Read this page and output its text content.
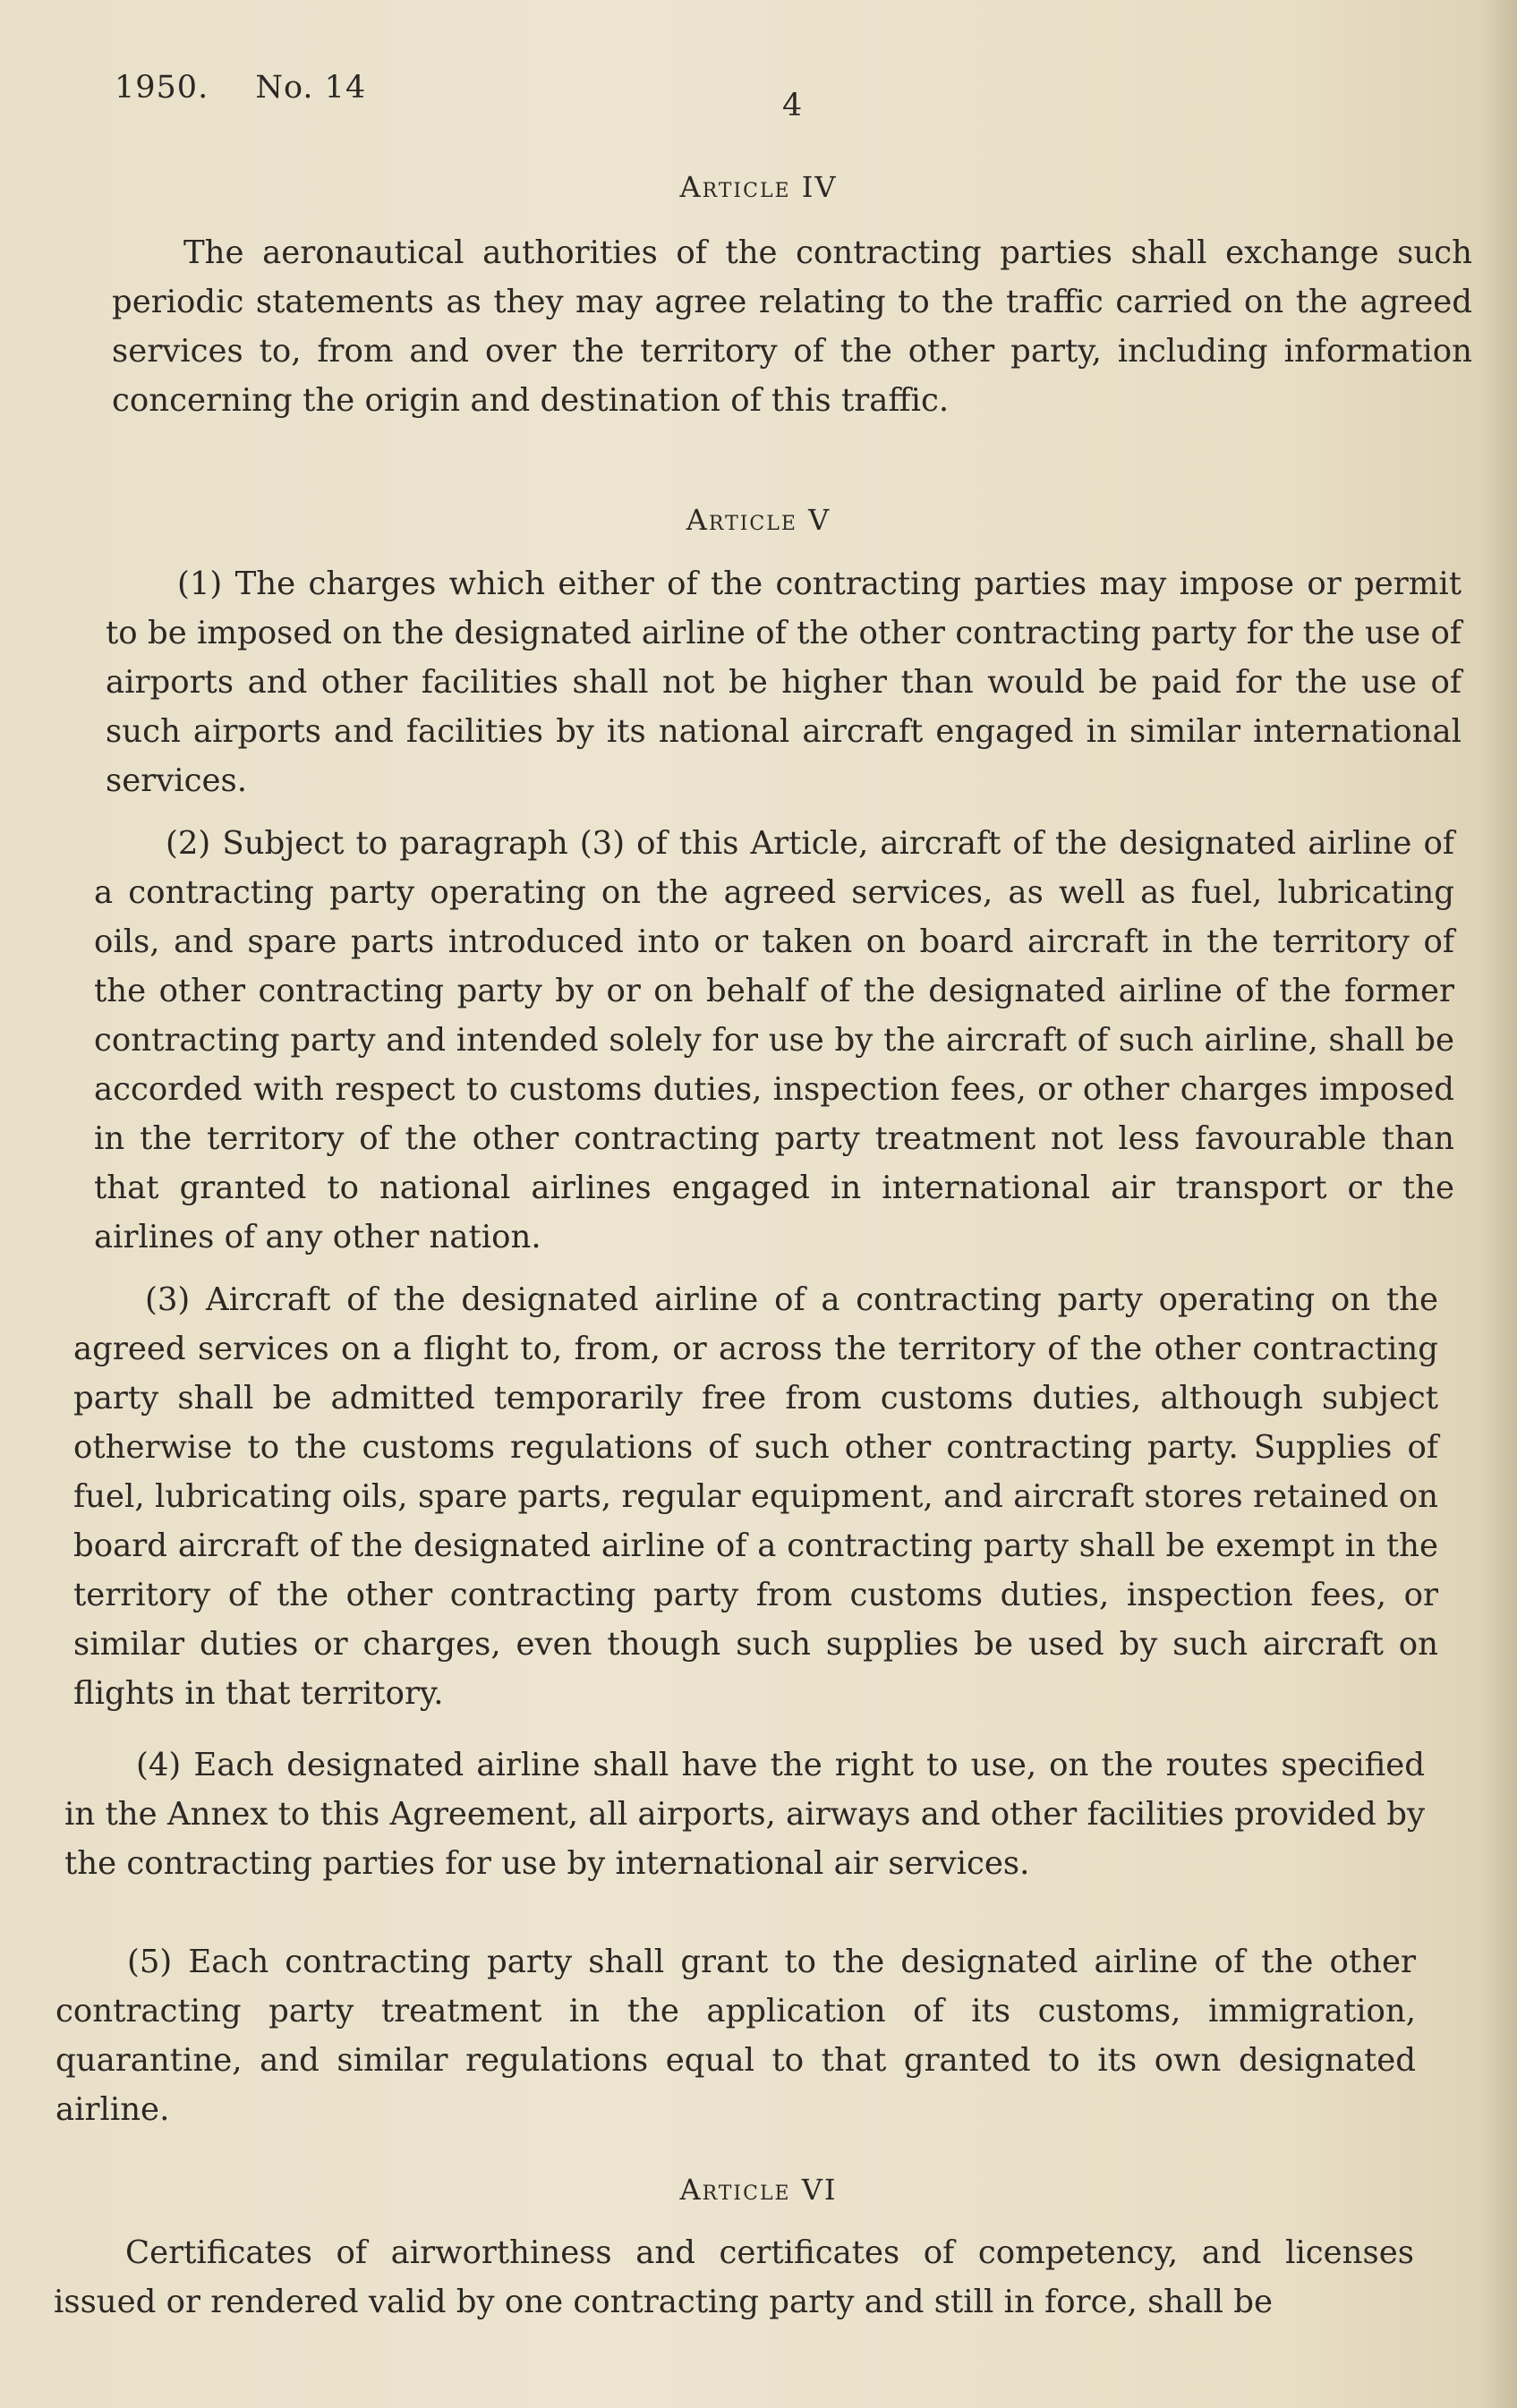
1950. No. 14	4
Article IV

The aeronautical authorities of the contracting parties shall exchange such periodic statements as they may agree relating to the traffic carried on the agreed services to, from and over the territory of the other party, including information concerning the origin and destination of this traffic.

Article V

(1) The charges which either of the contracting parties may impose or permit to be imposed on the designated airline of the other contracting party for the use of airports and other facilities shall not be higher than would be paid for the use of such airports and facilities by its national aircraft engaged in similar international services.

(2) Subject to paragraph (3) of this Article, aircraft of the designated airline of a contracting party operating on the agreed services, as well as fuel, lubricating oils, and spare parts introduced into or taken on board aircraft in the territory of the other contracting party by or on behalf of the designated airline of the former contracting party and intended solely for use by the aircraft of such airline, shall be accorded with respect to customs duties, inspection fees, or other charges imposed in the territory of the other contracting party treatment not less favourable than that granted to national airlines engaged in international air transport or the airlines of any other nation.

(3) Aircraft of the designated airline of a contracting party operating on the agreed services on a flight to, from, or across the territory of the other contracting party shall be admitted temporarily free from customs duties, although subject otherwise to the customs regulations of such other contracting party. Supplies of fuel, lubricating oils, spare parts, regular equipment, and aircraft stores retained on board aircraft of the designated airline of a contracting party shall be exempt in the territory of the other contracting party from customs duties, inspection fees, or similar duties or charges, even though such supplies be used by such aircraft on flights in that territory.

(4) Each designated airline shall have the right to use, on the routes specified in the Annex to this Agreement, all airports, airways and other facilities provided by the contracting parties for use by international air services.

(5) Each contracting party shall grant to the designated airline of the other contracting party treatment in the application of its customs, immigration, quarantine, and similar regulations equal to that granted to its own designated airline.

Article VI

Certificates of airworthiness and certificates of competency, and licenses issued or rendered valid by one contracting party and still in force, shall be
